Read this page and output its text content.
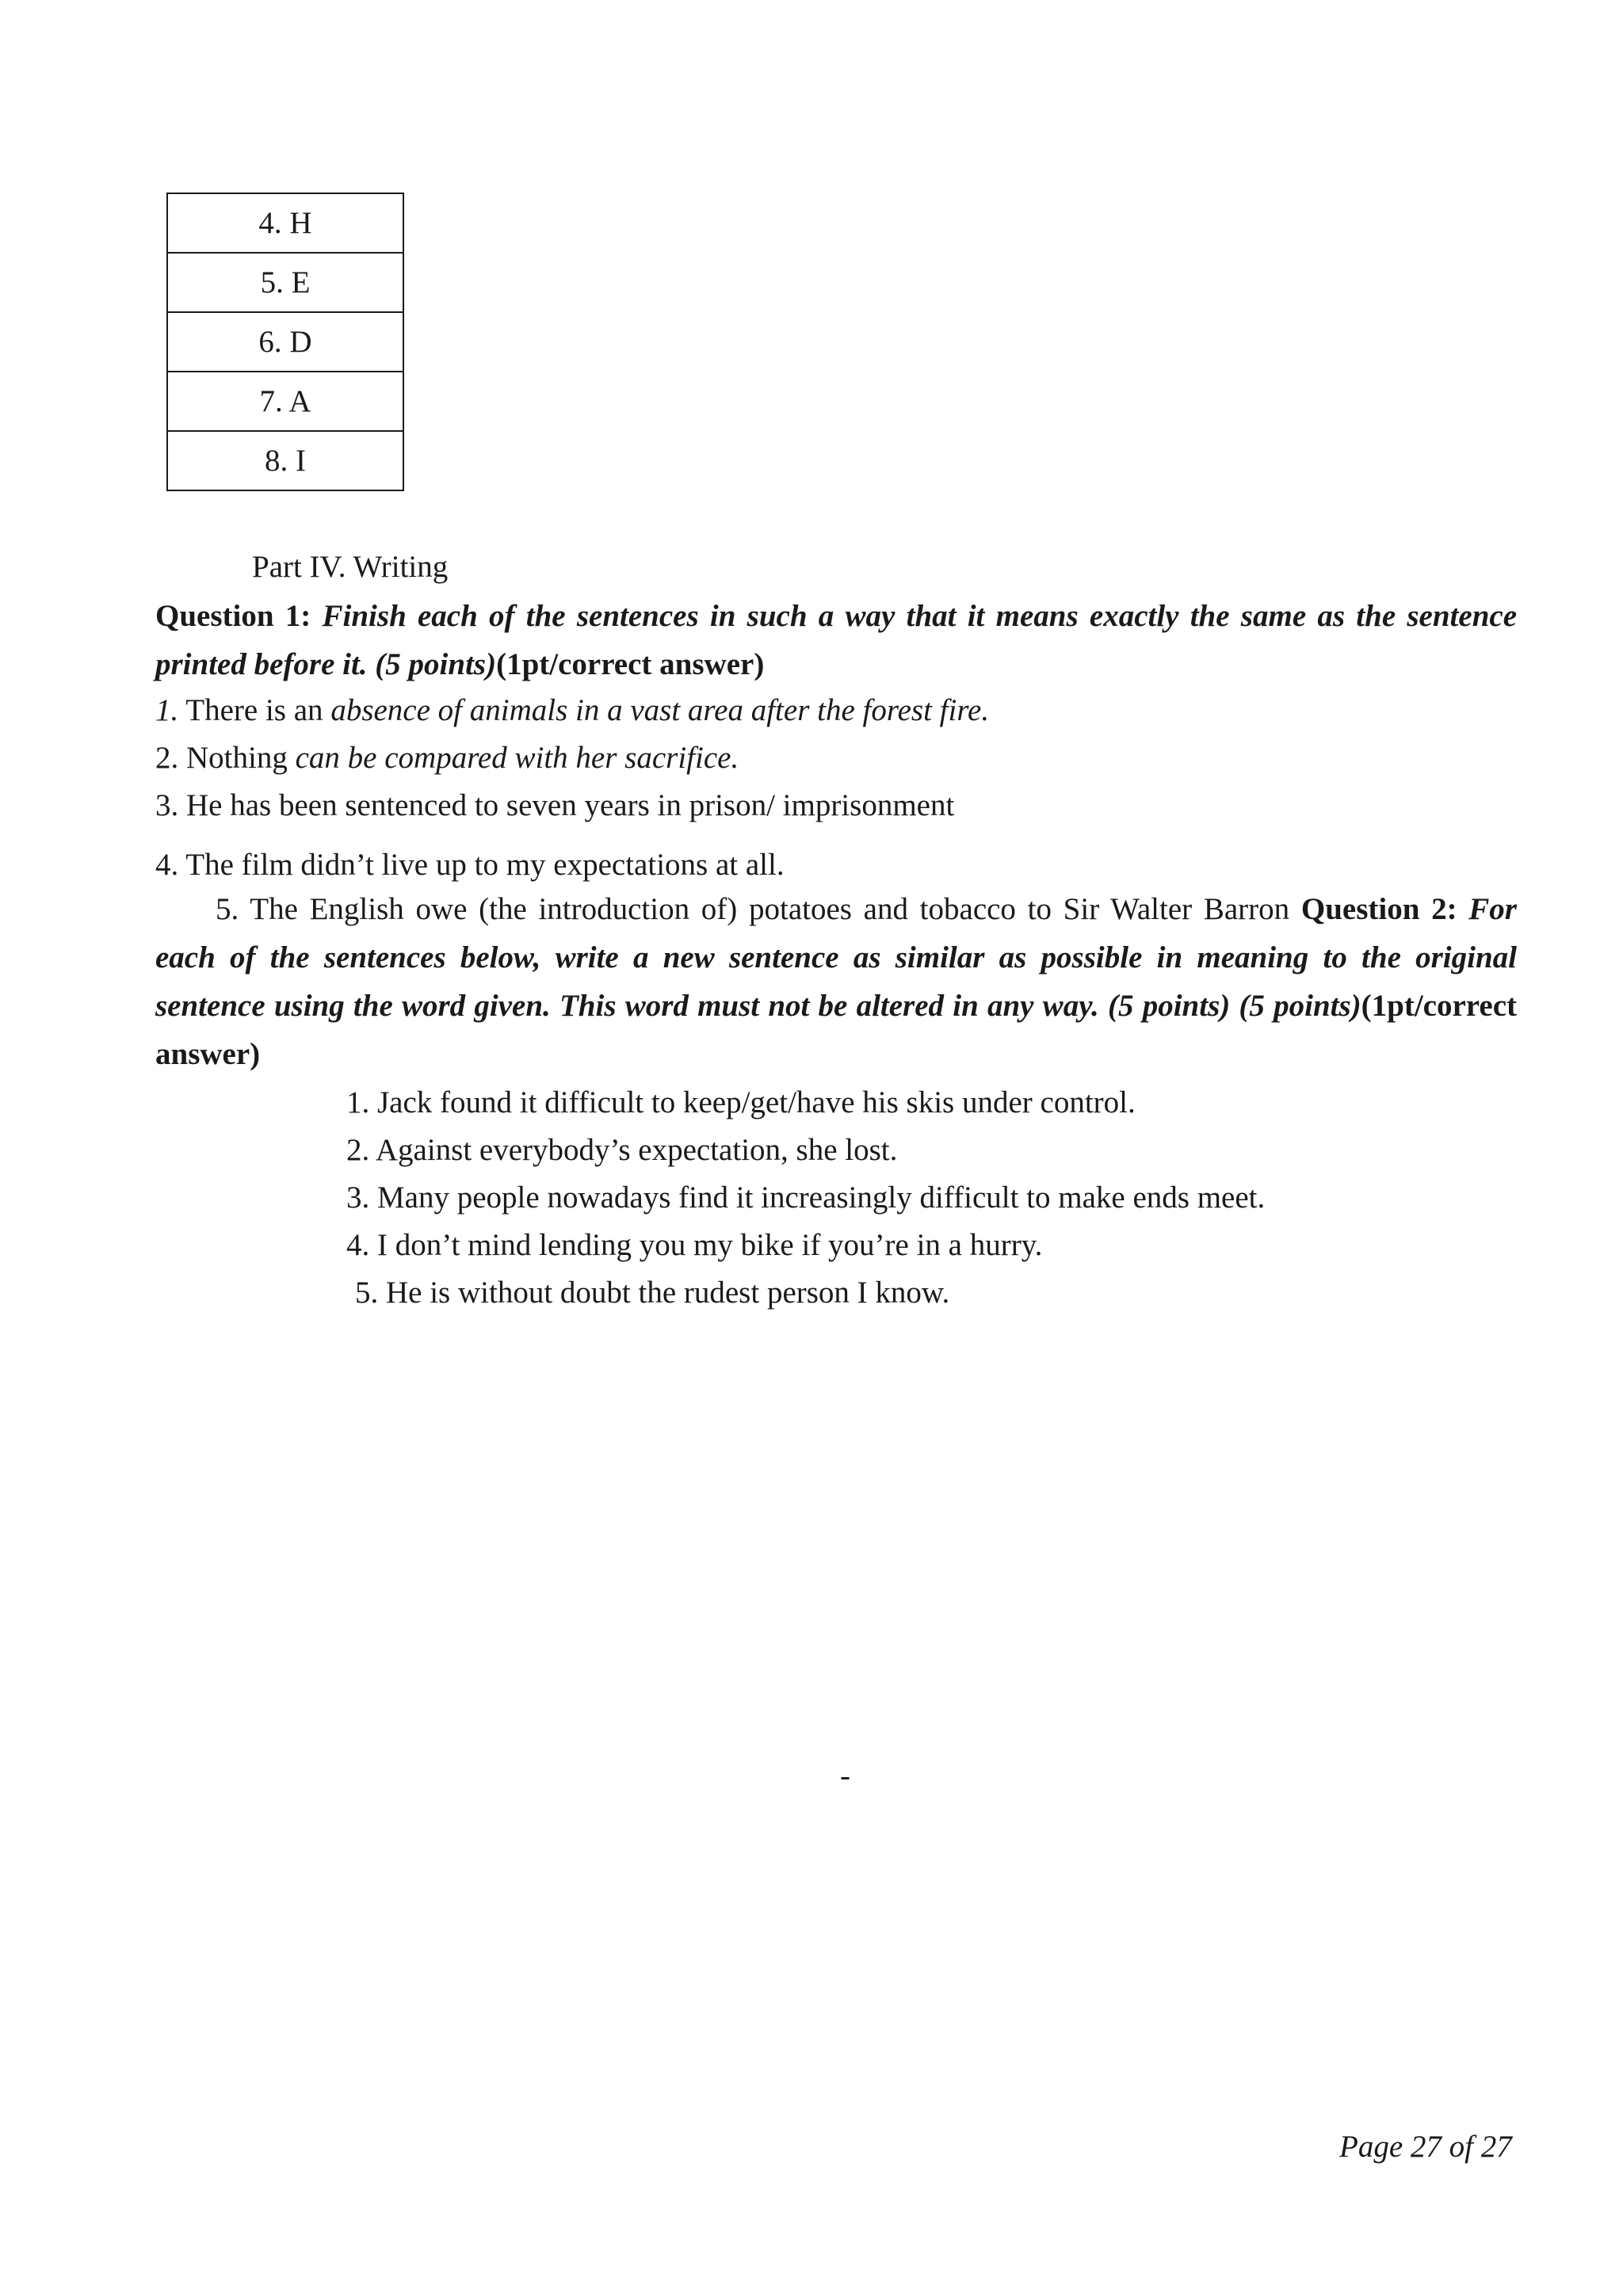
4. H
5. E
6. D
7. A
8. I
Part IV. Writing
Question 1: Finish each of the sentences in such a way that it means exactly the same as the sentence printed before it. (5 points)(1pt/correct answer)
1. There is an absence of animals in a vast area after the forest fire.
2. Nothing can be compared with her sacrifice.
3. He has been sentenced to seven years in prison/ imprisonment
4. The film didn’t live up to my expectations at all.
5. The English owe (the introduction of) potatoes and tobacco to Sir Walter Barron Question 2: For each of the sentences below, write a new sentence as similar as possible in meaning to the original sentence using the word given. This word must not be altered in any way. (5 points) (5 points)(1pt/correct answer)
1. Jack found it difficult to keep/get/have his skis under control.
2. Against everybody’s expectation, she lost.
3. Many people nowadays find it increasingly difficult to make ends meet.
4. I don’t mind lending you my bike if you’re in a hurry.
5. He is without doubt the rudest person I know.
-
Page 27 of 27
